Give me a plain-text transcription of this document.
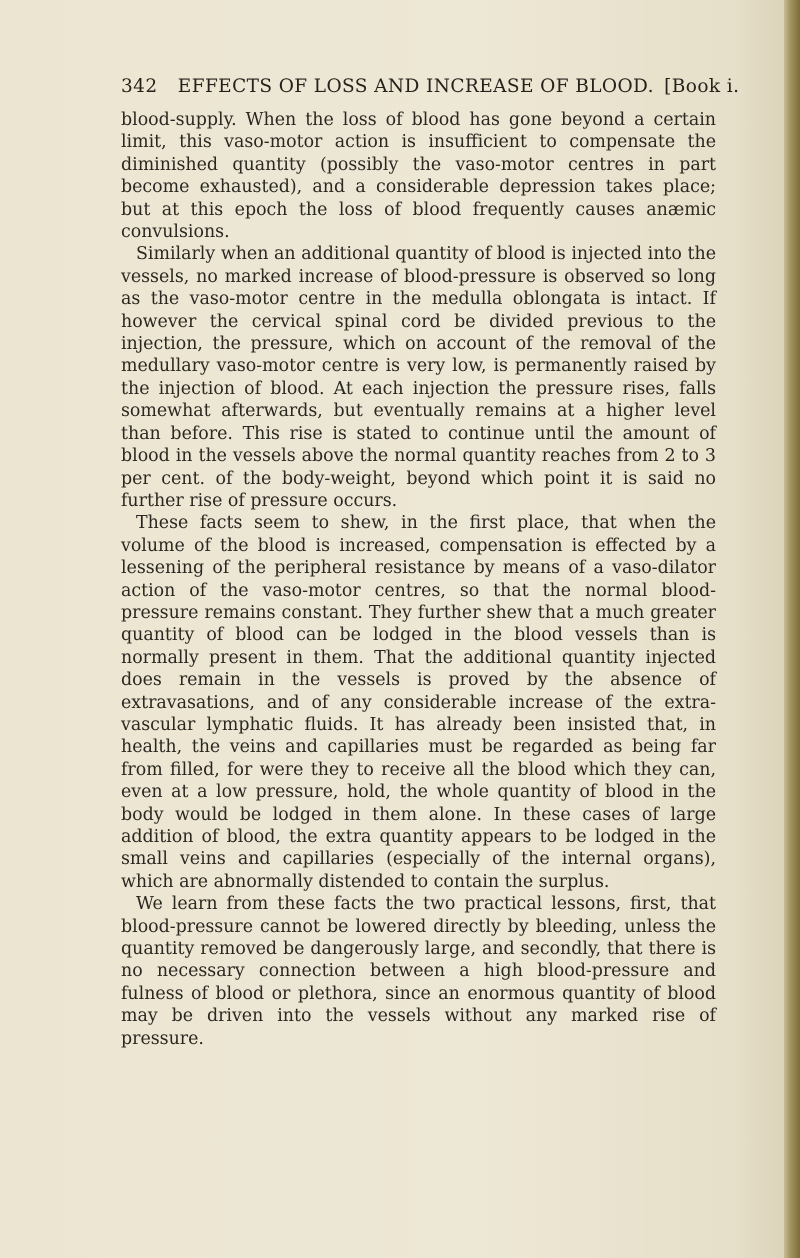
342 EFFECTS OF LOSS AND INCREASE OF BLOOD. [Book i.

blood-supply. When the loss of blood has gone beyond a certain limit, this vaso-motor action is insufficient to compensate the diminished quantity (possibly the vaso-motor centres in part become exhausted), and a considerable depression takes place; but at this epoch the loss of blood frequently causes anæmic convulsions.

Similarly when an additional quantity of blood is injected into the vessels, no marked increase of blood-pressure is observed so long as the vaso-motor centre in the medulla oblongata is intact. If however the cervical spinal cord be divided previous to the injection, the pressure, which on account of the removal of the medullary vaso-motor centre is very low, is permanently raised by the injection of blood. At each injection the pressure rises, falls somewhat afterwards, but eventually remains at a higher level than before. This rise is stated to continue until the amount of blood in the vessels above the normal quantity reaches from 2 to 3 per cent. of the body-weight, beyond which point it is said no further rise of pressure occurs.

These facts seem to shew, in the first place, that when the volume of the blood is increased, compensation is effected by a lessening of the peripheral resistance by means of a vaso-dilator action of the vaso-motor centres, so that the normal blood-pressure remains constant. They further shew that a much greater quantity of blood can be lodged in the blood vessels than is normally present in them. That the additional quantity injected does remain in the vessels is proved by the absence of extravasations, and of any considerable increase of the extra-vascular lymphatic fluids. It has already been insisted that, in health, the veins and capillaries must be regarded as being far from filled, for were they to receive all the blood which they can, even at a low pressure, hold, the whole quantity of blood in the body would be lodged in them alone. In these cases of large addition of blood, the extra quantity appears to be lodged in the small veins and capillaries (especially of the internal organs), which are abnormally distended to contain the surplus.

We learn from these facts the two practical lessons, first, that blood-pressure cannot be lowered directly by bleeding, unless the quantity removed be dangerously large, and secondly, that there is no necessary connection between a high blood-pressure and fulness of blood or plethora, since an enormous quantity of blood may be driven into the vessels without any marked rise of pressure.
